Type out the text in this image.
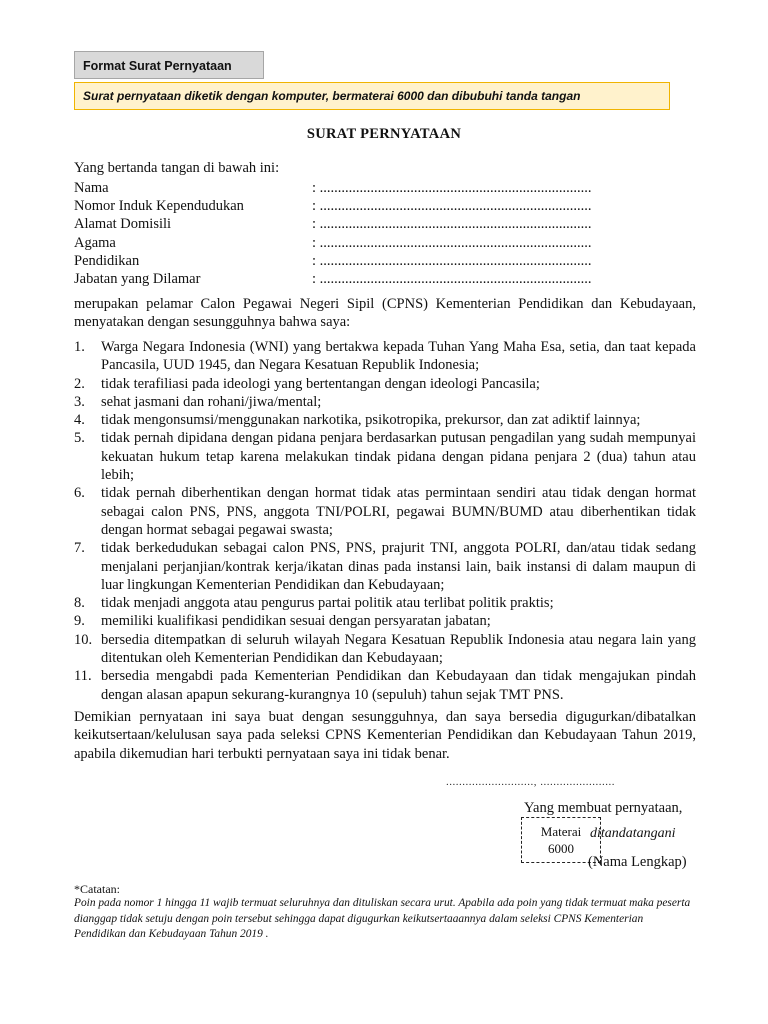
Format Surat Pernyataan
Surat pernyataan diketik dengan komputer, bermaterai 6000 dan dibubuhi tanda tangan
SURAT PERNYATAAN
Yang bertanda tangan di bawah ini:
Nama	: ...........................................................................
Nomor Induk Kependudukan	: ...........................................................................
Alamat Domisili	: ...........................................................................
Agama	: ...........................................................................
Pendidikan	: ...........................................................................
Jabatan yang Dilamar	: ...........................................................................
merupakan pelamar Calon Pegawai Negeri Sipil (CPNS) Kementerian Pendidikan dan Kebudayaan, menyatakan dengan sesungguhnya bahwa saya:
1. Warga Negara Indonesia (WNI) yang bertakwa kepada Tuhan Yang Maha Esa, setia, dan taat kepada Pancasila, UUD 1945, dan Negara Kesatuan Republik Indonesia;
2. tidak terafiliasi pada ideologi yang bertentangan dengan ideologi Pancasila;
3. sehat jasmani dan rohani/jiwa/mental;
4. tidak mengonsumsi/menggunakan narkotika, psikotropika, prekursor, dan zat adiktif lainnya;
5. tidak pernah dipidana dengan pidana penjara berdasarkan putusan pengadilan yang sudah mempunyai kekuatan hukum tetap karena melakukan tindak pidana dengan pidana penjara 2 (dua) tahun atau lebih;
6. tidak pernah diberhentikan dengan hormat tidak atas permintaan sendiri atau tidak dengan hormat sebagai calon PNS, PNS, anggota TNI/POLRI, pegawai BUMN/BUMD atau diberhentikan tidak dengan hormat sebagai pegawai swasta;
7. tidak berkedudukan sebagai calon PNS, PNS, prajurit TNI, anggota POLRI, dan/atau tidak sedang menjalani perjanjian/kontrak kerja/ikatan dinas pada instansi lain, baik instansi di dalam maupun di luar lingkungan Kementerian Pendidikan dan Kebudayaan;
8. tidak menjadi anggota atau pengurus partai politik atau terlibat politik praktis;
9. memiliki kualifikasi pendidikan sesuai dengan persyaratan jabatan;
10. bersedia ditempatkan di seluruh wilayah Negara Kesatuan Republik Indonesia atau negara lain yang ditentukan oleh Kementerian Pendidikan dan Kebudayaan;
11. bersedia mengabdi pada Kementerian Pendidikan dan Kebudayaan dan tidak mengajukan pindah dengan alasan apapun sekurang-kurangnya 10 (sepuluh) tahun sejak TMT PNS.
Demikian pernyataan ini saya buat dengan sesungguhnya, dan saya bersedia digugurkan/dibatalkan keikutsertaan/kelulusan saya pada seleksi CPNS Kementerian Pendidikan dan Kebudayaan Tahun 2019, apabila dikemudian hari terbukti pernyataan saya ini tidak benar.
..........................., .......................
Yang membuat pernyataan,
Materai
6000
ditandatangani
(Nama Lengkap)
*Catatan:
Poin pada nomor 1 hingga 11 wajib termuat seluruhnya dan dituliskan secara urut. Apabila ada poin yang tidak termuat maka peserta dianggap tidak setuju dengan poin tersebut sehingga dapat digugurkan keikutsertaaannya dalam seleksi CPNS Kementerian Pendidikan dan Kebudayaan Tahun 2019 .
